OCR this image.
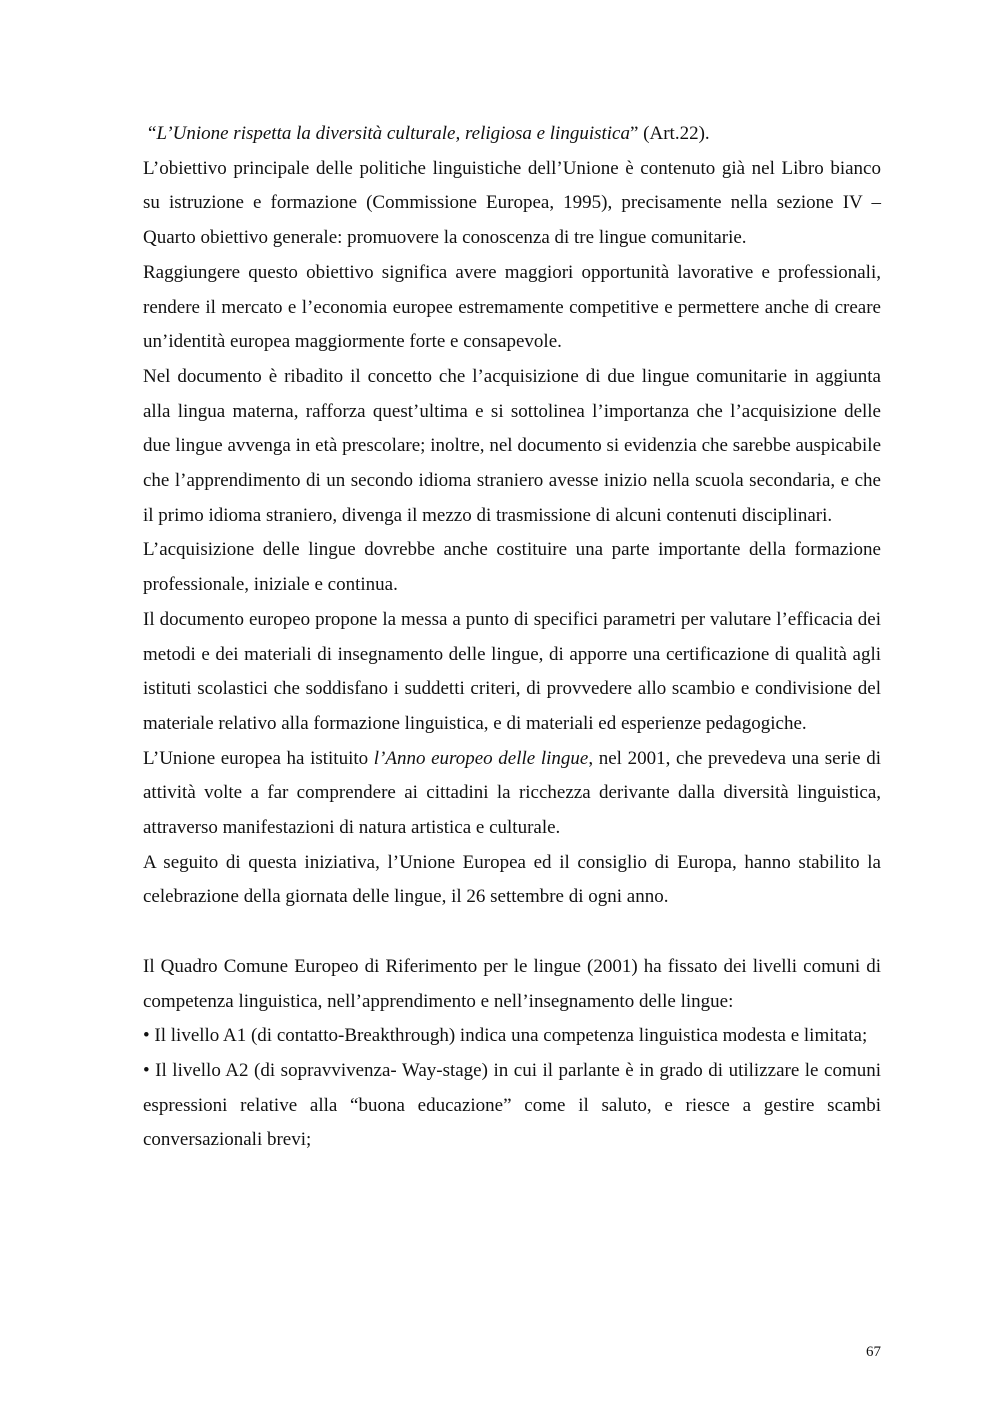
“L’Unione rispetta la diversità culturale, religiosa e linguistica” (Art.22).

L’obiettivo principale delle politiche linguistiche dell’Unione è contenuto già nel Libro bianco su istruzione e formazione (Commissione Europea, 1995), precisamente nella sezione IV – Quarto obiettivo generale: promuovere la conoscenza di tre lingue comunitarie.

Raggiungere questo obiettivo significa avere maggiori opportunità lavorative e professionali, rendere il mercato e l’economia europee estremamente competitive e permettere anche di creare un’identità europea maggiormente forte e consapevole.

Nel documento è ribadito il concetto che l’acquisizione di due lingue comunitarie in aggiunta alla lingua materna, rafforza quest’ultima e si sottolinea l’importanza che l’acquisizione delle due lingue avvenga in età prescolare; inoltre, nel documento si evidenzia che sarebbe auspicabile che l’apprendimento di un secondo idioma straniero avesse inizio nella scuola secondaria, e che il primo idioma straniero, divenga il mezzo di trasmissione di alcuni contenuti disciplinari.

L’acquisizione delle lingue dovrebbe anche costituire una parte importante della formazione professionale, iniziale e continua.

Il documento europeo propone la messa a punto di specifici parametri per valutare l’efficacia dei metodi e dei materiali di insegnamento delle lingue, di apporre una certificazione di qualità agli istituti scolastici che soddisfano i suddetti criteri, di provvedere allo scambio e condivisione del materiale relativo alla formazione linguistica, e di materiali ed esperienze pedagogiche.

L’Unione europea ha istituito l’Anno europeo delle lingue, nel 2001, che prevedeva una serie di attività volte a far comprendere ai cittadini la ricchezza derivante dalla diversità linguistica, attraverso manifestazioni di natura artistica e culturale.

A seguito di questa iniziativa, l’Unione Europea ed il consiglio di Europa, hanno stabilito la celebrazione della giornata delle lingue, il 26 settembre di ogni anno.

Il Quadro Comune Europeo di Riferimento per le lingue (2001) ha fissato dei livelli comuni di competenza linguistica, nell’apprendimento e nell’insegnamento delle lingue:

• Il livello A1 (di contatto-Breakthrough) indica una competenza linguistica modesta e limitata;

• Il livello A2 (di sopravvivenza- Way-stage) in cui il parlante è in grado di utilizzare le comuni espressioni relative alla “buona educazione” come il saluto, e riesce a gestire scambi conversazionali brevi;

67
